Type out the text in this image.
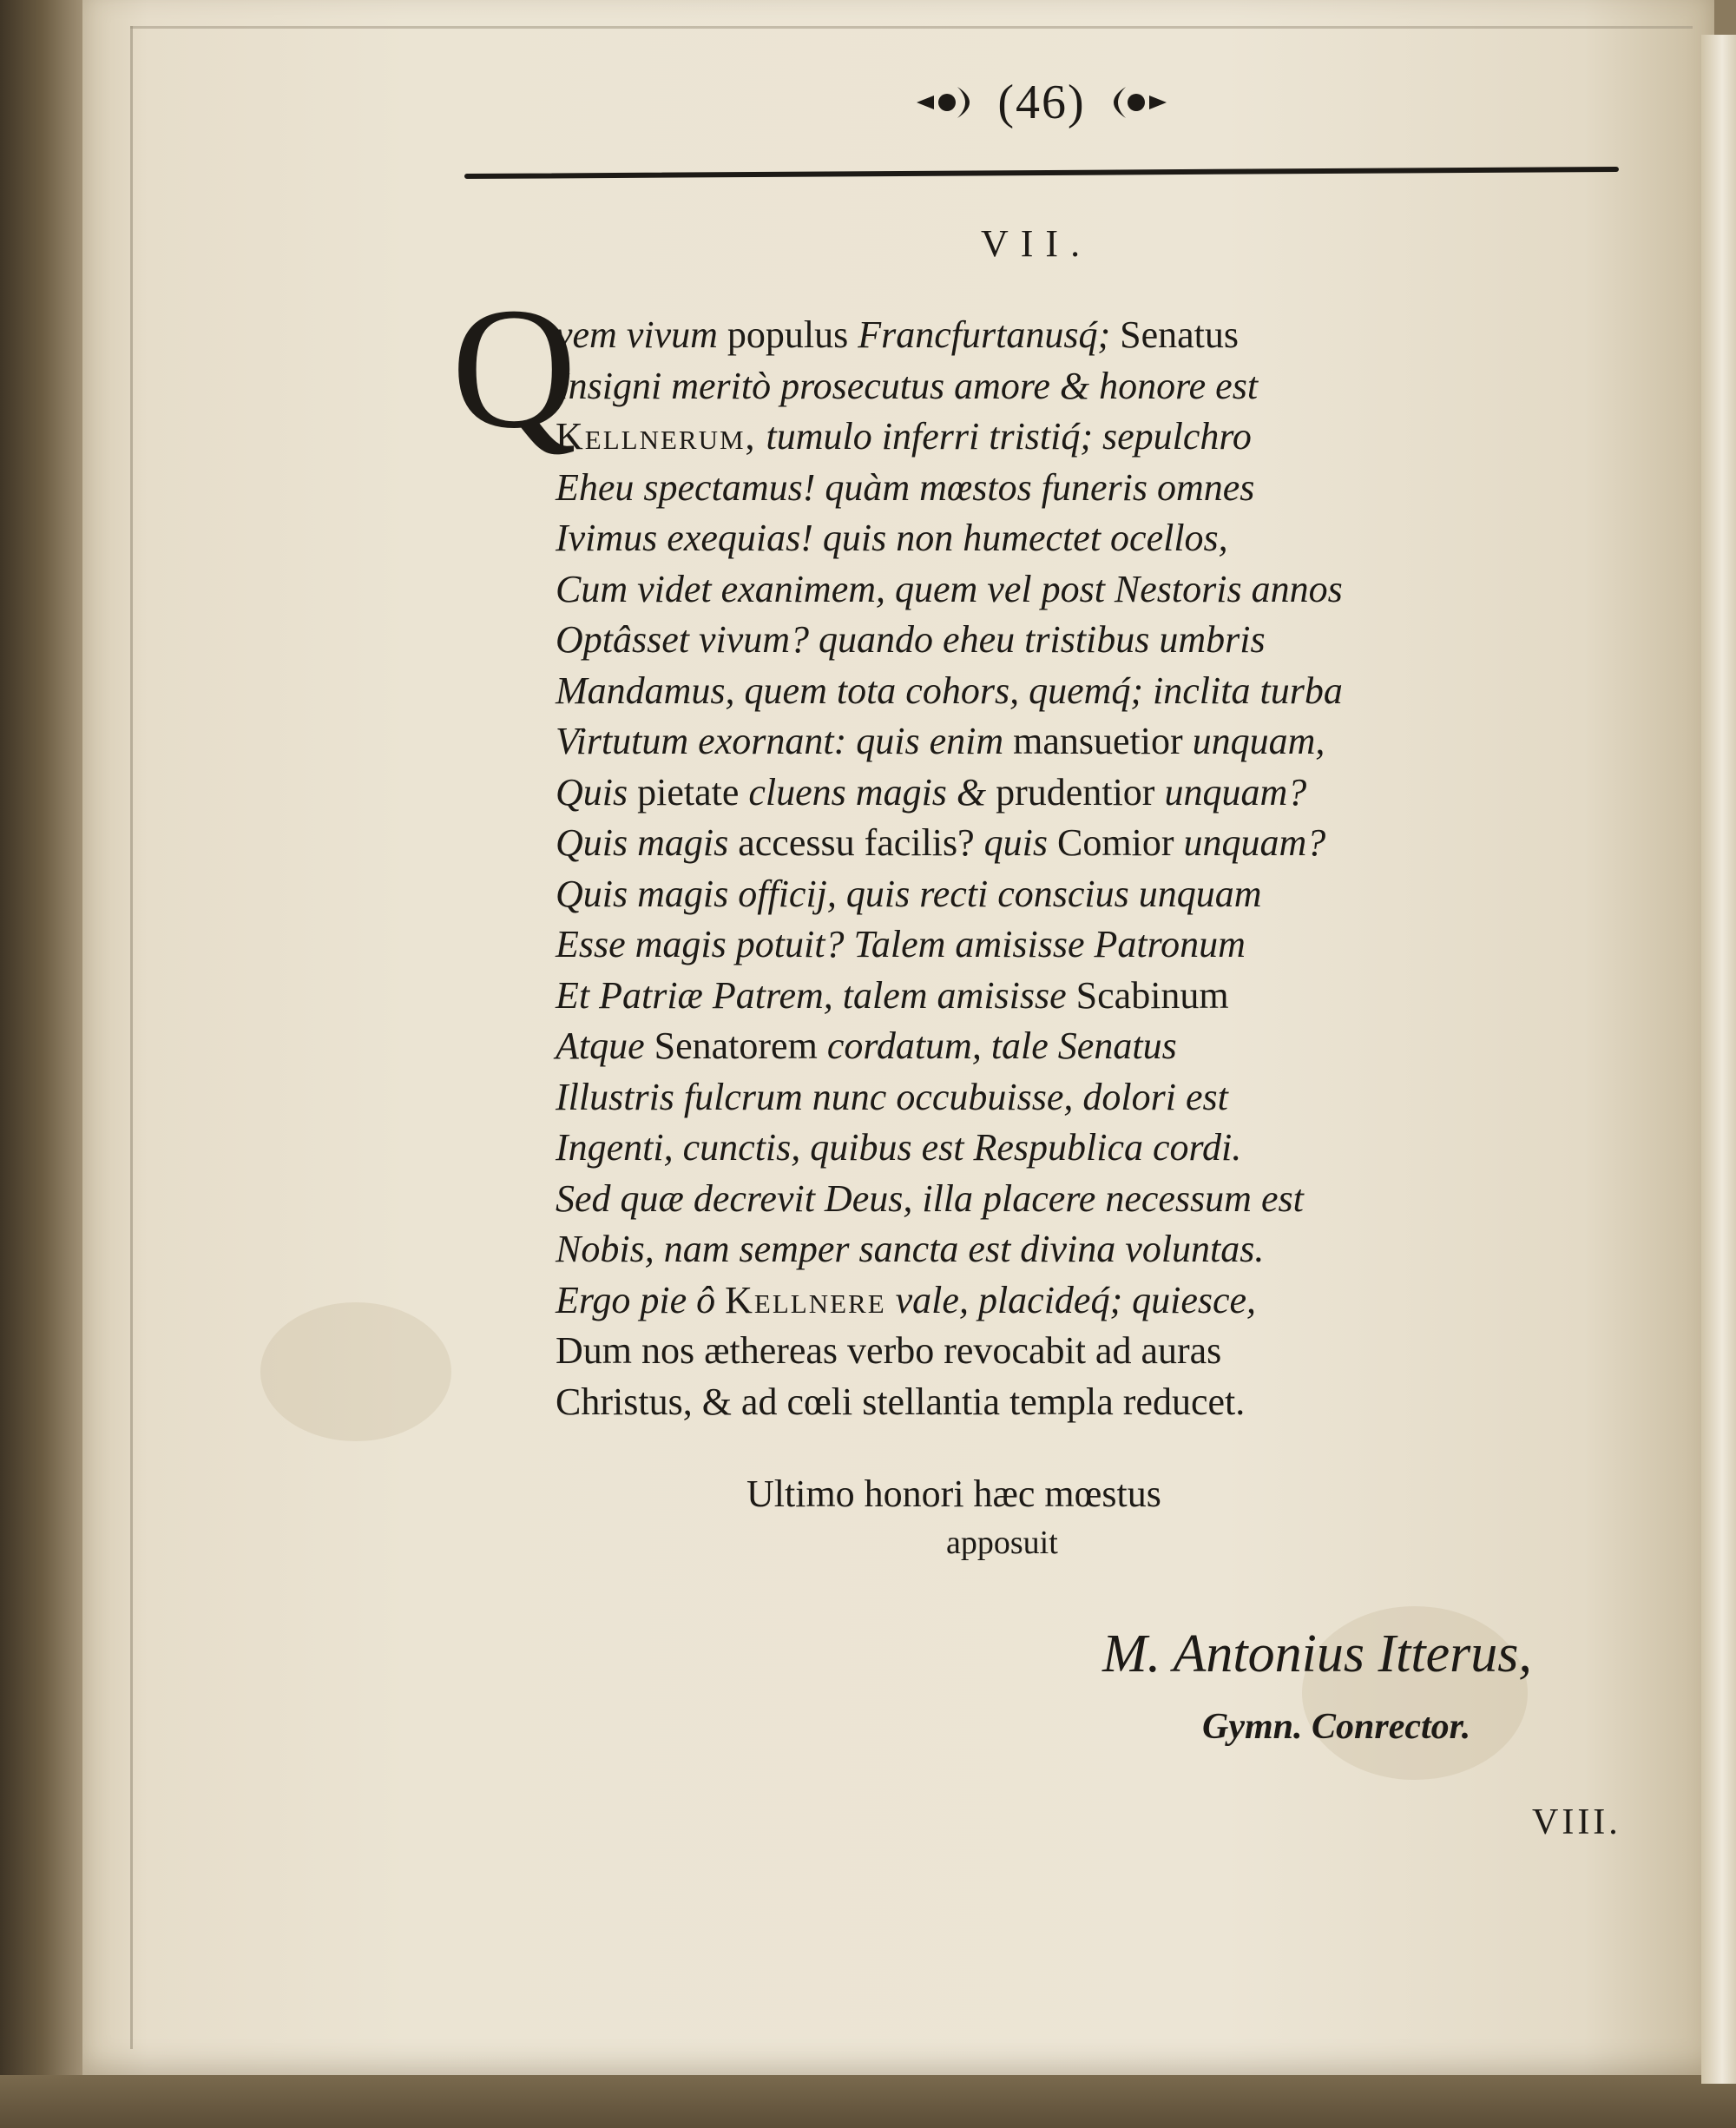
(46)
VII.
Q
vem vivum populus Francfurtanusq́; Senatus
Insigni meritò prosecutus amore & honore est
Kellnerum, tumulo inferri tristiq́; sepulchro
Eheu spectamus! quàm mœstos funeris omnes
Ivimus exequias! quis non humectet ocellos,
Cum videt exanimem, quem vel post Nestoris annos
Optâsset vivum? quando eheu tristibus umbris
Mandamus, quem tota cohors, quemq́; inclita turba
Virtutum exornant: quis enim mansuetior unquam,
Quis pietate cluens magis & prudentior unquam?
Quis magis accessu facilis? quis Comior unquam?
Quis magis officij, quis recti conscius unquam
Esse magis potuit? Talem amisisse Patronum
Et Patriæ Patrem, talem amisisse Scabinum
Atque Senatorem cordatum, tale Senatus
Illustris fulcrum nunc occubuisse, dolori est
Ingenti, cunctis, quibus est Respublica cordi.
Sed quæ decrevit Deus, illa placere necessum est
Nobis, nam semper sancta est divina voluntas.
Ergo pie ô Kellnere vale, placideq́; quiesce,
Dum nos æthereas verbo revocabit ad auras
Christus, & ad cœli stellantia templa reducet.
Ultimo honori hæc mœstus
apposuit
M. Antonius Itterus,
Gymn. Conrector.
VIII.
